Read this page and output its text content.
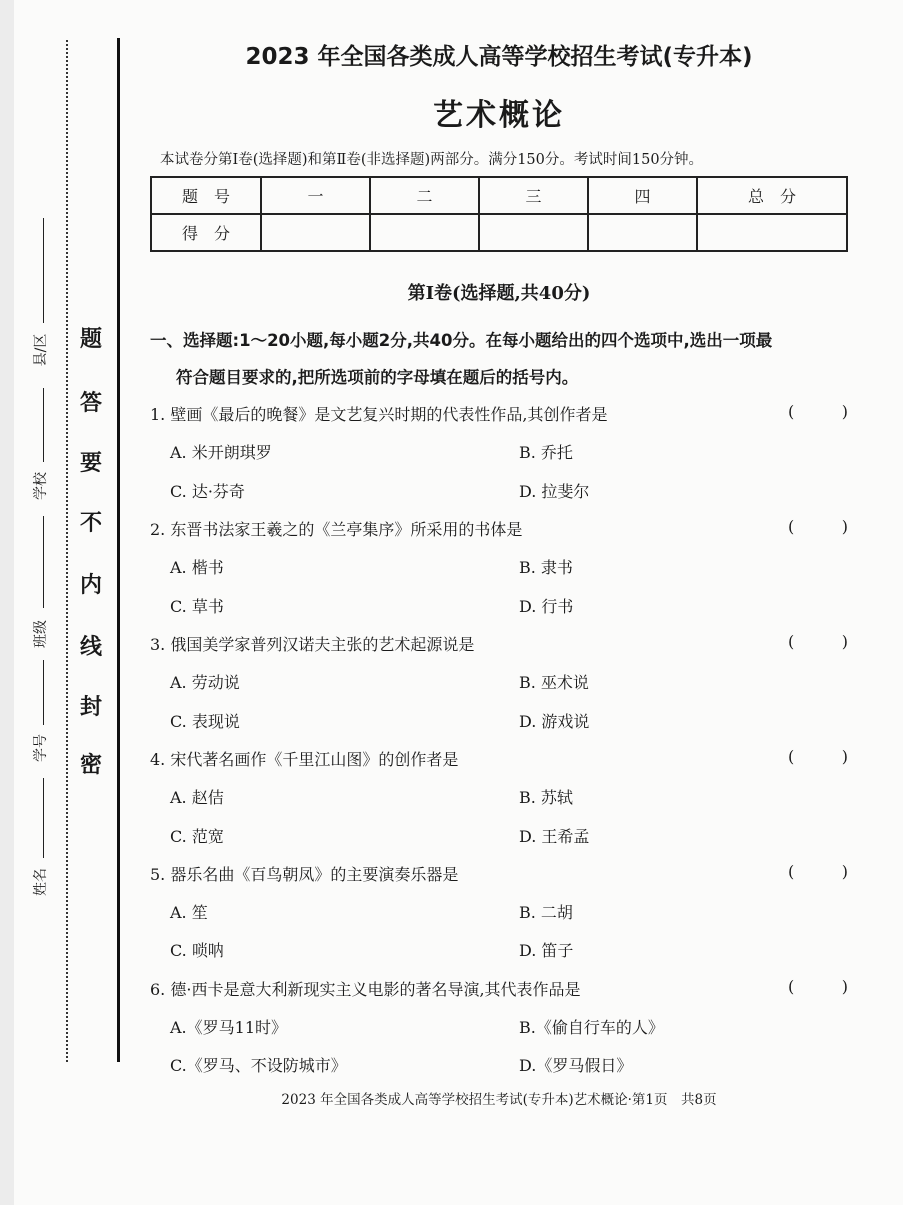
县/区
学校
班级
学号
姓名
题
答
要
不
内
线
封
密
2023 年全国各类成人高等学校招生考试(专升本)
艺术概论
本试卷分第Ⅰ卷(选择题)和第Ⅱ卷(非选择题)两部分。满分150分。考试时间150分钟。
题　号	一	二	三	四	总　分
得　分					
第Ⅰ卷(选择题,共40分)
一、选择题:1～20小题,每小题2分,共40分。在每小题给出的四个选项中,选出一项最
符合题目要求的,把所选项前的字母填在题后的括号内。
1. 壁画《最后的晚餐》是文艺复兴时期的代表性作品,其创作者是	(	)
A. 米开朗琪罗	B. 乔托
C. 达·芬奇	D. 拉斐尔
2. 东晋书法家王羲之的《兰亭集序》所采用的书体是	(	)
A. 楷书	B. 隶书
C. 草书	D. 行书
3. 俄国美学家普列汉诺夫主张的艺术起源说是	(	)
A. 劳动说	B. 巫术说
C. 表现说	D. 游戏说
4. 宋代著名画作《千里江山图》的创作者是	(	)
A. 赵佶	B. 苏轼
C. 范宽	D. 王希孟
5. 器乐名曲《百鸟朝凤》的主要演奏乐器是	(	)
A. 笙	B. 二胡
C. 唢呐	D. 笛子
6. 德·西卡是意大利新现实主义电影的著名导演,其代表作品是	(	)
A.《罗马11时》	B.《偷自行车的人》
C.《罗马、不设防城市》	D.《罗马假日》
2023 年全国各类成人高等学校招生考试(专升本)艺术概论·第1页　共8页
